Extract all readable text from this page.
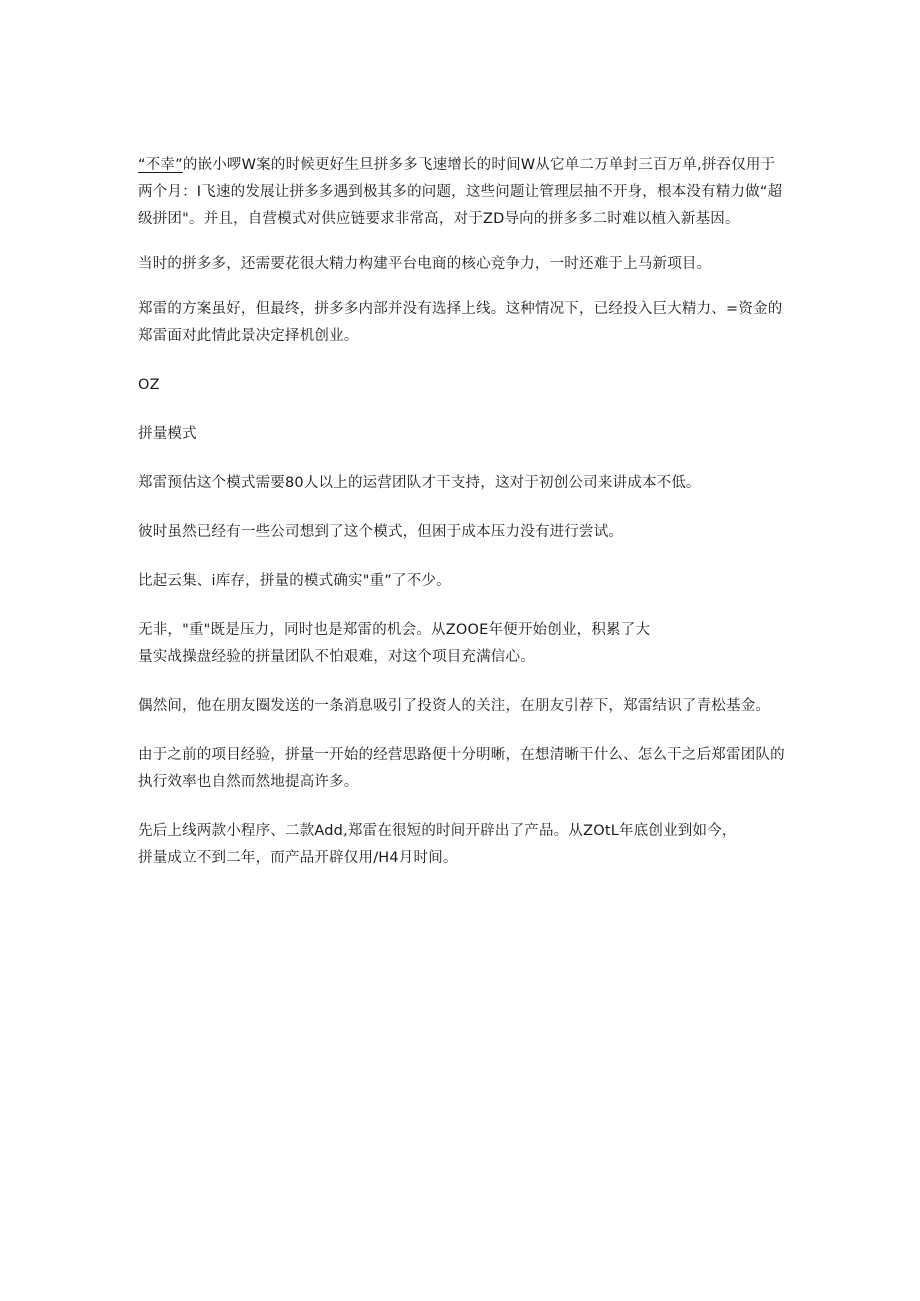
“不幸”的嵌小啰W案的时候更好生旦拼多多飞速增长的时间W从它单二万单封三百万单,拼吞仅用于两个月：I飞速的发展让拼多多遇到极其多的问题，这些问题让管理层抽不开身，根本没有精力做“超级拼团"。并且，自营模式对供应链要求非常高，对于ZD导向的拼多多二时难以植入新基因。

当时的拼多多，还需要花很大精力构建平台电商的核心竞争力，一时还难于上马新项目。

郑雷的方案虽好，但最终，拼多多内部并没有选择上线。这种情况下，已经投入巨大精力、=资金的郑雷面对此情此景决定择机创业。

OZ

拼量模式

郑雷预估这个模式需要80人以上的运营团队才干支持，这对于初创公司来讲成本不低。

彼时虽然已经有一些公司想到了这个模式，但困于成本压力没有进行尝试。

比起云集、i库存，拼量的模式确实"重”了不少。

无非，"重"既是压力，同时也是郑雷的机会。从ZOOE年便开始创业，积累了大
量实战操盘经验的拼量团队不怕艰难，对这个项目充满信心。

偶然间，他在朋友圈发送的一条消息吸引了投资人的关注，在朋友引荐下，郑雷结识了青松基金。

由于之前的项目经验，拼量一开始的经营思路便十分明晰，在想清晰干什么、怎么干之后郑雷团队的执行效率也自然而然地提高许多。

先后上线两款小程序、二款Add,郑雷在很短的时间开辟出了产品。从ZOtL年底创业到如今，
拼量成立不到二年，而产品开辟仅用/H4月时间。
